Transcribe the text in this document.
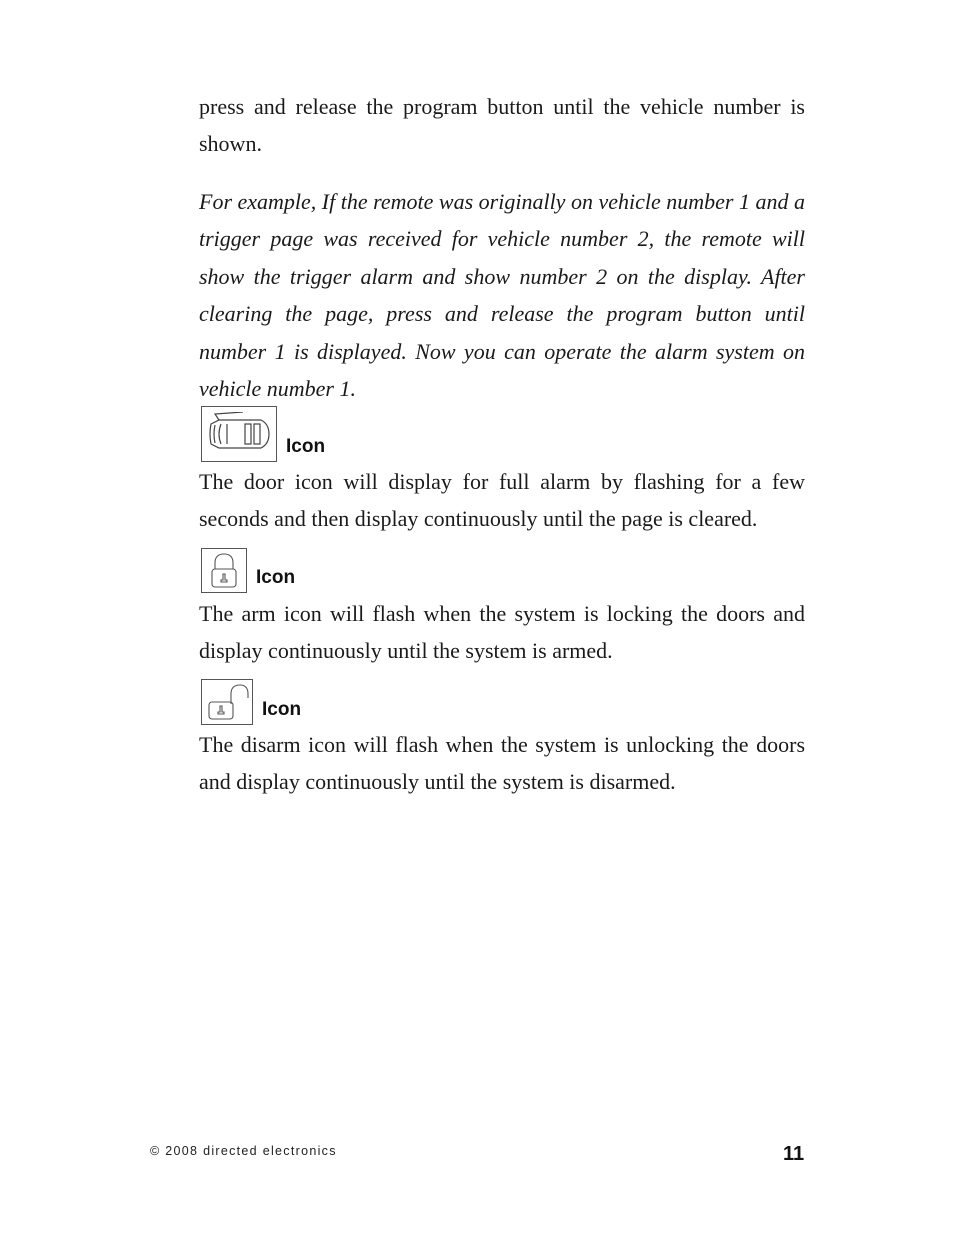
press and release the program button until the vehicle number is shown.

For example, If the remote was originally on vehicle number 1 and a trigger page was received for vehicle number 2, the remote will show the trigger alarm and show number 2 on the display. After clearing the page, press and release the program button until number 1 is displayed. Now you can operate the alarm system on vehicle number 1.

Icon

The door icon will display for full alarm by flashing for a few seconds and then display continuously until the page is cleared.

Icon

The arm icon will flash when the system is locking the doors and display continuously until the system is armed.

Icon

The disarm icon will flash when the system is unlocking the doors and display continuously until the system is disarmed.

© 2008 directed electronics	11
